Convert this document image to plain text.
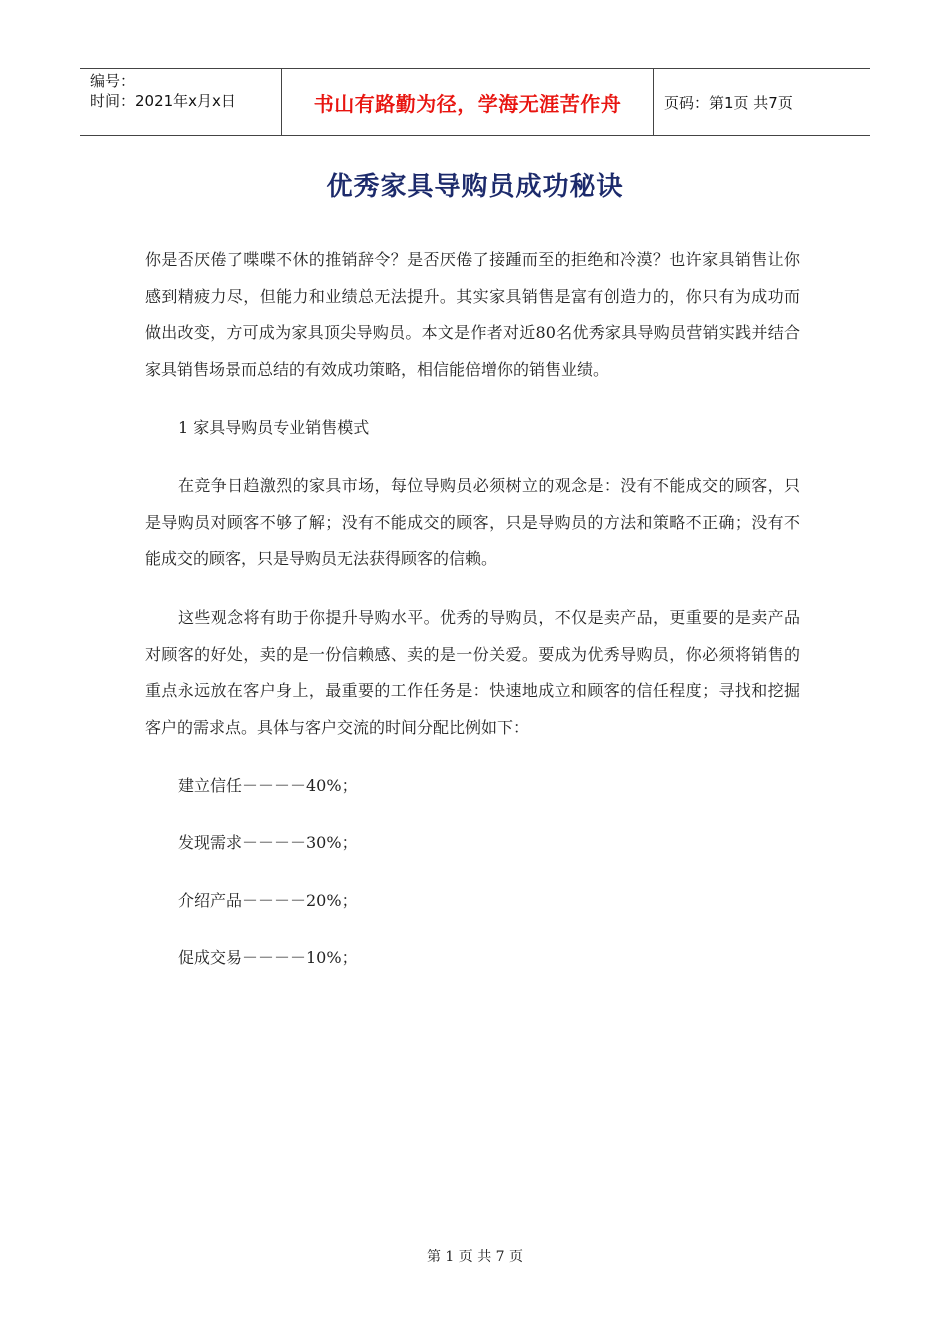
编号：
时间：2021年x月x日	书山有路勤为径，学海无涯苦作舟	页码：第1页 共7页
优秀家具导购员成功秘诀

你是否厌倦了喋喋不休的推销辞令？是否厌倦了接踵而至的拒绝和冷漠？也许家具销售让你感到精疲力尽，但能力和业绩总无法提升。其实家具销售是富有创造力的，你只有为成功而做出改变，方可成为家具顶尖导购员。本文是作者对近80名优秀家具导购员营销实践并结合家具销售场景而总结的有效成功策略，相信能倍增你的销售业绩。

1 家具导购员专业销售模式

在竞争日趋激烈的家具市场，每位导购员必须树立的观念是：没有不能成交的顾客，只是导购员对顾客不够了解；没有不能成交的顾客，只是导购员的方法和策略不正确；没有不能成交的顾客，只是导购员无法获得顾客的信赖。

这些观念将有助于你提升导购水平。优秀的导购员，不仅是卖产品，更重要的是卖产品对顾客的好处，卖的是一份信赖感、卖的是一份关爱。要成为优秀导购员，你必须将销售的重点永远放在客户身上，最重要的工作任务是：快速地成立和顾客的信任程度；寻找和挖掘客户的需求点。具体与客户交流的时间分配比例如下：

建立信任－－－－40%；

发现需求－－－－30%；

介绍产品－－－－20%；

促成交易－－－－10%；

第 1 页 共 7 页
